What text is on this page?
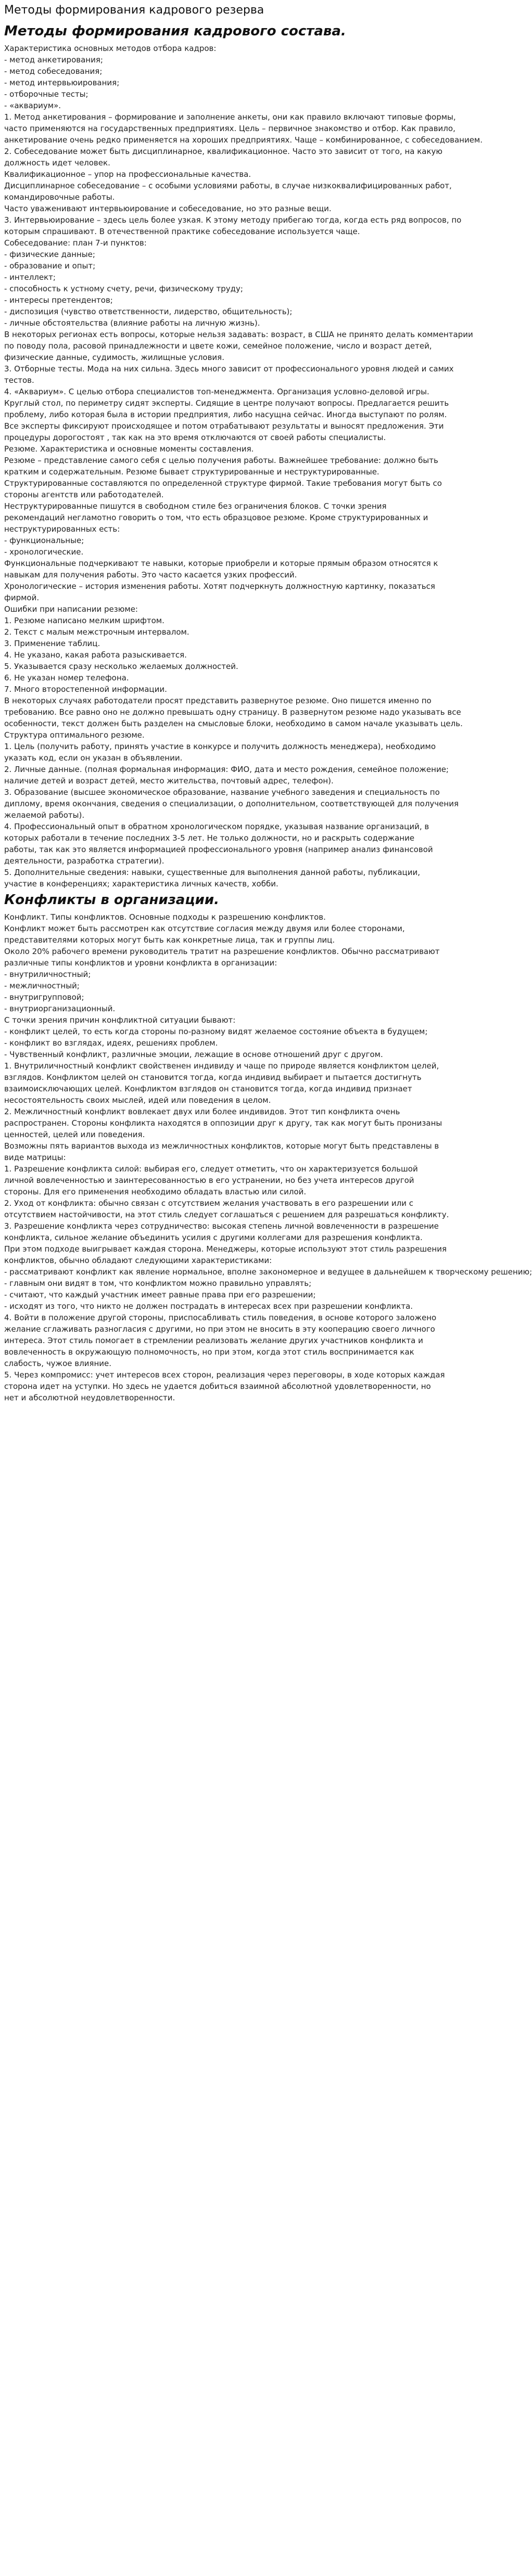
Методы формирования кадрового резерва
Методы формирования кадрового состава.
Характеристика основных методов отбора кадров:
- метод анкетирования;
- метод собеседования;
- метод интервьюирования;
- отборочные тесты;
- «аквариум».
1. Метод анкетирования – формирование и заполнение анкеты, они как правило включают типовые формы,
часто применяются на государственных предприятиях. Цель – первичное знакомство и отбор. Как правило,
анкетирование очень редко применяется на хороших предприятиях. Чаще – комбинированное, с собеседованием.
2. Собеседование может быть дисциплинарное, квалификационное. Часто это зависит от того, на какую
должность идет человек.
Квалификационное – упор на профессиональные качества.
Дисциплинарное собеседование – с особыми условиями работы, в случае низкоквалифицированных работ,
командировочные работы.
Часто уваженивают интервьюирование и собеседование, но это разные вещи.
3. Интервьюирование – здесь цель более узкая. К этому методу прибегаю тогда, когда есть ряд вопросов, по
которым спрашивают. В отечественной практике собеседование используется чаще.
Собеседование: план 7-и пунктов:
- физические данные;
- образование и опыт;
- интеллект;
- способность к устному счету, речи, физическому труду;
- интересы претендентов;
- диспозиция (чувство ответственности, лидерство, общительность);
- личные обстоятельства (влияние работы на личную жизнь).
В некоторых регионах есть вопросы, которые нельзя задавать: возраст, в США не принято делать комментарии
по поводу пола, расовой принадлежности и цвете кожи, семейное положение, число и возраст детей,
физические данные, судимость, жилищные условия.
3. Отборные тесты. Мода на них сильна. Здесь много зависит от профессионального уровня людей и самих
тестов.
4. «Аквариум». С целью отбора специалистов топ-менеджмента. Организация условно-деловой игры.
Круглый стол, по периметру сидят эксперты. Сидящие в центре получают вопросы. Предлагается решить
проблему, либо которая была в истории предприятия, либо насущна сейчас. Иногда выступают по ролям.
Все эксперты фиксируют происходящее и потом отрабатывают результаты и выносят предложения. Эти
процедуры дорогостоят , так как на это время отключаются от своей работы специалисты.
Резюме. Характеристика и основные моменты составления.
Резюме – представление самого себя с целью получения работы. Важнейшее требование: должно быть
кратким и содержательным. Резюме бывает структурированные и неструктурированные.
Структурированные составляются по определенной структуре фирмой. Такие требования могут быть со
стороны агентств или работодателей.
Неструктурированные пишутся в свободном стиле без ограничения блоков. С точки зрения
рекомендаций негламотно говорить о том, что есть образцовое резюме. Кроме структурированных и
неструктурированных есть:
- функциональные;
- хронологические.
Функциональные подчеркивают те навыки, которые приобрели и которые прямым образом относятся к
навыкам для получения работы. Это часто касается узких профессий.
Хронологические – история изменения работы. Хотят подчеркнуть должностную картинку, показаться
фирмой.
Ошибки при написании резюме:
1. Резюме написано мелким шрифтом.
2. Текст с малым межстрочным интервалом.
3. Применение таблиц.
4. Не указано, какая работа разыскивается.
5. Указывается сразу несколько желаемых должностей.
6. Не указан номер телефона.
7. Много второстепенной информации.
В некоторых случаях работодатели просят представить развернутое резюме. Оно пишется именно по
требованию. Все равно оно не должно превышать одну страницу. В развернутом резюме надо указывать все
особенности, текст должен быть разделен на смысловые блоки, необходимо в самом начале указывать цель.
Структура оптимального резюме.
1. Цель (получить работу, принять участие в конкурсе и получить должность менеджера), необходимо
указать код, если он указан в объявлении.
2. Личные данные. (полная формальная информация: ФИО, дата и место рождения, семейное положение;
наличие детей и возраст детей, место жительства, почтовый адрес, телефон).
3. Образование (высшее экономическое образование, название учебного заведения и специальность по
диплому, время окончания, сведения о специализации, о дополнительном, соответствующей для получения
желаемой работы).
4. Профессиональный опыт в обратном хронологическом порядке, указывая название организаций, в
которых работали в течение последних 3-5 лет. Не только должности, но и раскрыть содержание
работы, так как это является информацией профессионального уровня (например анализ финансовой
деятельности, разработка стратегии).
5. Дополнительные сведения: навыки, существенные для выполнения данной работы, публикации,
участие в конференциях; характеристика личных качеств, хобби.
Конфликты в организации.
Конфликт. Типы конфликтов. Основные подходы к разрешению конфликтов.
Конфликт может быть рассмотрен как отсутствие согласия между двумя или более сторонами,
представителями которых могут быть как конкретные лица, так и группы лиц.
Около 20% рабочего времени руководитель тратит на разрешение конфликтов. Обычно рассматривают
различные типы конфликтов и уровни конфликта в организации:
- внутриличностный;
- межличностный;
- внутригрупповой;
- внутриорганизационный.
С точки зрения причин конфликтной ситуации бывают:
- конфликт целей, то есть когда стороны по-разному видят желаемое состояние объекта в будущем;
- конфликт во взглядах, идеях, решениях проблем.
- Чувственный конфликт, различные эмоции, лежащие в основе отношений друг с другом.
1. Внутриличностный конфликт свойственен индивиду и чаще по природе является конфликтом целей,
взглядов. Конфликтом целей он становится тогда, когда индивид выбирает и пытается достигнуть
взаимоисключающих целей. Конфликтом взглядов он становится тогда, когда индивид признает
несостоятельность своих мыслей, идей или поведения в целом.
2. Межличностный конфликт вовлекает двух или более индивидов. Этот тип конфликта очень
распространен. Стороны конфликта находятся в оппозиции друг к другу, так как могут быть пронизаны
ценностей, целей или поведения.
Возможны пять вариантов выхода из межличностных конфликтов, которые могут быть представлены в
виде матрицы:
1. Разрешение конфликта силой: выбирая его, следует отметить, что он характеризуется большой
личной вовлеченностью и заинтересованностью в его устранении, но без учета интересов другой
стороны. Для его применения необходимо обладать властью или силой.
2. Уход от конфликта: обычно связан с отсутствием желания участвовать в его разрешении или с
отсутствием настойчивости, на этот стиль следует соглашаться с решением для разрешаться конфликту.
3. Разрешение конфликта через сотрудничество: высокая степень личной вовлеченности в разрешение
конфликта, сильное желание объединить усилия с другими коллегами для разрешения конфликта.
При этом подходе выигрывает каждая сторона. Менеджеры, которые используют этот стиль разрешения
конфликтов, обычно обладают следующими характеристиками:
- рассматривают конфликт как явление нормальное, вполне закономерное и ведущее в дальнейшем к творческому решению;
- главным они видят в том, что конфликтом можно правильно управлять;
- считают, что каждый участник имеет равные права при его разрешении;
- исходят из того, что никто не должен пострадать в интересах всех при разрешении конфликта.
4. Войти в положение другой стороны, приспосабливать стиль поведения, в основе которого заложено
желание сглаживать разногласия с другими, но при этом не вносить в эту кооперацию своего личного
интереса. Этот стиль помогает в стремлении реализовать желание других участников конфликта и
вовлеченность в окружающую полномочность, но при этом, когда этот стиль воспринимается как
слабость, чужое влияние.
5. Через компромисс: учет интересов всех сторон, реализация через переговоры, в ходе которых каждая
сторона идет на уступки. Но здесь не удается добиться взаимной абсолютной удовлетворенности, но
нет и абсолютной неудовлетворенности.
